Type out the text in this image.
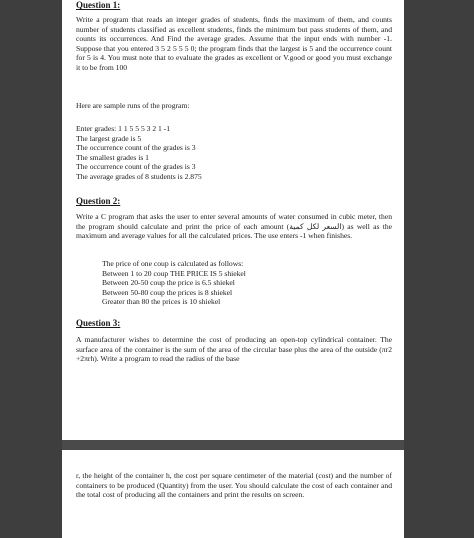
Question 1:

Write a program that reads an integer grades of students, finds the maximum of them, and counts number of students classified as excellent students, finds the minimum but pass students of them, and counts its occurrences. And Find the average grades. Assume that the input ends with number -1. Suppose that you entered 3 5 2 5 5 5 0; the program finds that the largest is 5 and the occurrence count for 5 is 4. You must note that to evaluate the grades as excellent or V.good or good you must exchange it to be from 100

Here are sample runs of the program:

Enter grades: 1 1 5 5 5 3 2 1 -1
The largest grade is 5
The occurrence count of the grades is 3
The smallest grades is 1
The occurrence count of the grades is 3
The average grades of 8 students is 2.875

Question 2:

Write a C program that asks the user to enter several amounts of water consumed in cubic meter, then the program should calculate and print the price of each amount (السعر لكل كمية) as well as the maximum and average values for all the calculated prices. The use enters -1 when finishes.

The price of one coup is calculated as follows:
Between 1 to 20 coup THE PRICE IS 5 shiekel
Between 20-50 coup the price is 6.5 shiekel
Between 50-80 coup the prices is 8 shiekel
Greater than 80 the prices is 10 shiekel

Question 3:

A manufacturer wishes to determine the cost of producing an open-top cylindrical container. The surface area of the container is the sum of the area of the circular base plus the area of the outside (πr2 +2πrh). Write a program to read the radius of the base

r, the height of the container h, the cost per square centimeter of the material (cost) and the number of containers to be produced (Quantity) from the user. You should calculate the cost of each container and the total cost of producing all the containers and print the results on screen.
